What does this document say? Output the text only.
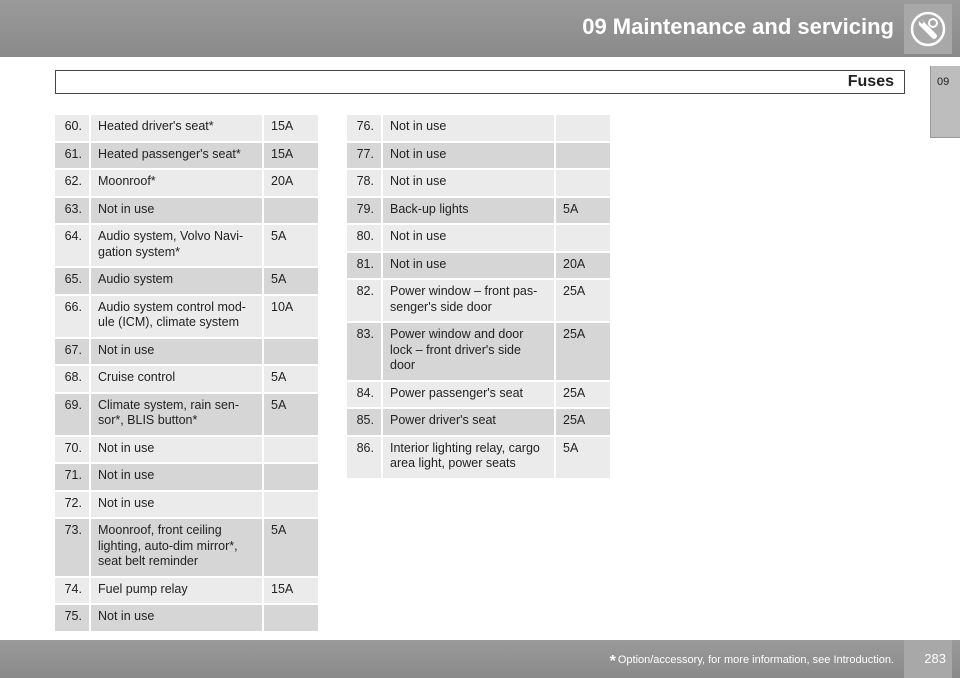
09 Maintenance and servicing
09
Fuses
60.	Heated driver's seat*	15A
61.	Heated passenger's seat*	15A
62.	Moonroof*	20A
63.	Not in use	
64.	Audio system, Volvo Navi-
gation system*	5A
65.	Audio system	5A
66.	Audio system control mod-
ule (ICM), climate system	10A
67.	Not in use	
68.	Cruise control	5A
69.	Climate system, rain sen-
sor*, BLIS button*	5A
70.	Not in use	
71.	Not in use	
72.	Not in use	
73.	Moonroof, front ceiling
lighting, auto-dim mirror*,
seat belt reminder	5A
74.	Fuel pump relay	15A
75.	Not in use	
76.	Not in use	
77.	Not in use	
78.	Not in use	
79.	Back-up lights	5A
80.	Not in use	
81.	Not in use	20A
82.	Power window – front pas-
senger's side door	25A
83.	Power window and door
lock – front driver's side
door	25A
84.	Power passenger's seat	25A
85.	Power driver's seat	25A
86.	Interior lighting relay, cargo
area light, power seats	5A
* Option/accessory, for more information, see Introduction. 283
